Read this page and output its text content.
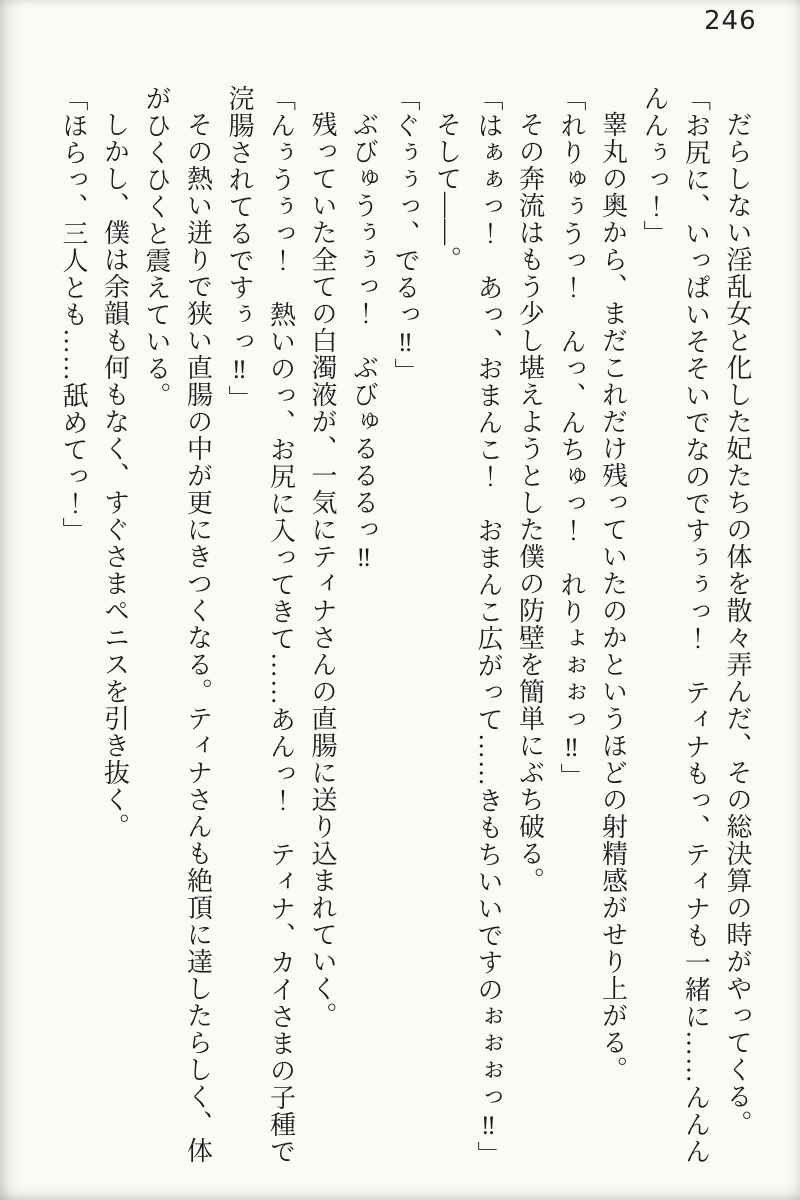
246

だらしない淫乱女と化した妃たちの体を散々弄んだ、その総決算の時がやってくる。

「お尻に、いっぱいそそいでなのですぅぅっ！　ティナもっ、ティナも一緒に……んんんんんぅっ！」

睾丸の奥から、まだこれだけ残っていたのかというほどの射精感がせり上がる。

「れりゅぅうっ！　んっ、んちゅっ！　れりょぉぉっ‼」

その奔流はもう少し堪えようとした僕の防壁を簡単にぶち破る。

「はぁぁっ！　あっ、おまんこ！　おまんこ広がって……きもちいいですのぉぉぉっ‼」

そして――。

「ぐぅぅっ、でるっ‼」

ぶびゅうぅぅっ！　ぶびゅるるるっ‼

残っていた全ての白濁液が、一気にティナさんの直腸に送り込まれていく。

「んぅうぅっ！　熱いのっ、お尻に入ってきて……あんっ！　ティナ、カイさまの子種で浣腸されてるですぅっ‼」

その熱い迸りで狭い直腸の中が更にきつくなる。ティナさんも絶頂に達したらしく、体がひくひくと震えている。

しかし、僕は余韻も何もなく、すぐさまペニスを引き抜く。

「ほらっ、三人とも……舐めてっ！」
